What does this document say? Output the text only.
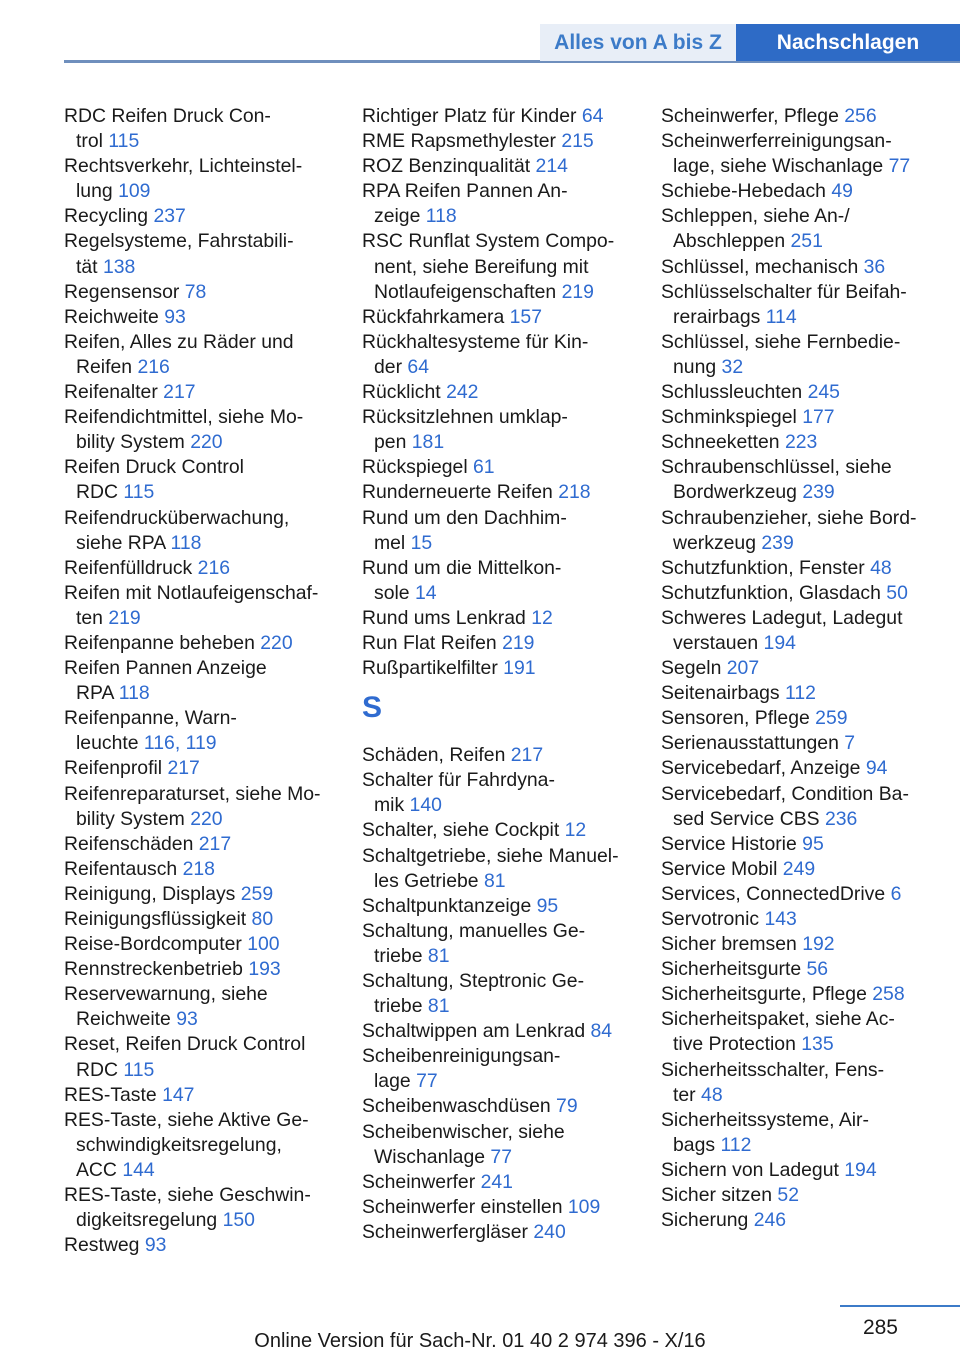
Alles von A bis Z	Nachschlagen
RDC Reifen Druck Con-
trol 115
Rechtsverkehr, Lichteinstel-
lung 109
Recycling 237
Regelsysteme, Fahrstabili-
tät 138
Regensensor 78
Reichweite 93
Reifen, Alles zu Räder und
Reifen 216
Reifenalter 217
Reifendichtmittel, siehe Mo-
bility System 220
Reifen Druck Control
RDC 115
Reifendrucküberwachung,
siehe RPA 118
Reifenfülldruck 216
Reifen mit Notlaufeigenschaf-
ten 219
Reifenpanne beheben 220
Reifen Pannen Anzeige
RPA 118
Reifenpanne, Warn-
leuchte 116, 119
Reifenprofil 217
Reifenreparaturset, siehe Mo-
bility System 220
Reifenschäden 217
Reifentausch 218
Reinigung, Displays 259
Reinigungsflüssigkeit 80
Reise-Bordcomputer 100
Rennstreckenbetrieb 193
Reservewarnung, siehe
Reichweite 93
Reset, Reifen Druck Control
RDC 115
RES-Taste 147
RES-Taste, siehe Aktive Ge-
schwindigkeitsregelung,
ACC 144
RES-Taste, siehe Geschwin-
digkeitsregelung 150
Restweg 93
Richtiger Platz für Kinder 64
RME Rapsmethylester 215
ROZ Benzinqualität 214
RPA Reifen Pannen An-
zeige 118
RSC Runflat System Compo-
nent, siehe Bereifung mit
Notlaufeigenschaften 219
Rückfahrkamera 157
Rückhaltesysteme für Kin-
der 64
Rücklicht 242
Rücksitzlehnen umklap-
pen 181
Rückspiegel 61
Runderneuerte Reifen 218
Rund um den Dachhim-
mel 15
Rund um die Mittelkon-
sole 14
Rund ums Lenkrad 12
Run Flat Reifen 219
Rußpartikelfilter 191
S
Schäden, Reifen 217
Schalter für Fahrdyna-
mik 140
Schalter, siehe Cockpit 12
Schaltgetriebe, siehe Manuel-
les Getriebe 81
Schaltpunktanzeige 95
Schaltung, manuelles Ge-
triebe 81
Schaltung, Steptronic Ge-
triebe 81
Schaltwippen am Lenkrad 84
Scheibenreinigungsan-
lage 77
Scheibenwaschdüsen 79
Scheibenwischer, siehe
Wischanlage 77
Scheinwerfer 241
Scheinwerfer einstellen 109
Scheinwerfergläser 240
Scheinwerfer, Pflege 256
Scheinwerferreinigungsan-
lage, siehe Wischanlage 77
Schiebe-Hebedach 49
Schleppen, siehe An-/
Abschleppen 251
Schlüssel, mechanisch 36
Schlüsselschalter für Beifah-
rerairbags 114
Schlüssel, siehe Fernbedie-
nung 32
Schlussleuchten 245
Schminkspiegel 177
Schneeketten 223
Schraubenschlüssel, siehe
Bordwerkzeug 239
Schraubenzieher, siehe Bord-
werkzeug 239
Schutzfunktion, Fenster 48
Schutzfunktion, Glasdach 50
Schweres Ladegut, Ladegut
verstauen 194
Segeln 207
Seitenairbags 112
Sensoren, Pflege 259
Serienausstattungen 7
Servicebedarf, Anzeige 94
Servicebedarf, Condition Ba-
sed Service CBS 236
Service Historie 95
Service Mobil 249
Services, ConnectedDrive 6
Servotronic 143
Sicher bremsen 192
Sicherheitsgurte 56
Sicherheitsgurte, Pflege 258
Sicherheitspaket, siehe Ac-
tive Protection 135
Sicherheitsschalter, Fens-
ter 48
Sicherheitssysteme, Air-
bags 112
Sichern von Ladegut 194
Sicher sitzen 52
Sicherung 246
285
Online Version für Sach-Nr. 01 40 2 974 396 - X/16
